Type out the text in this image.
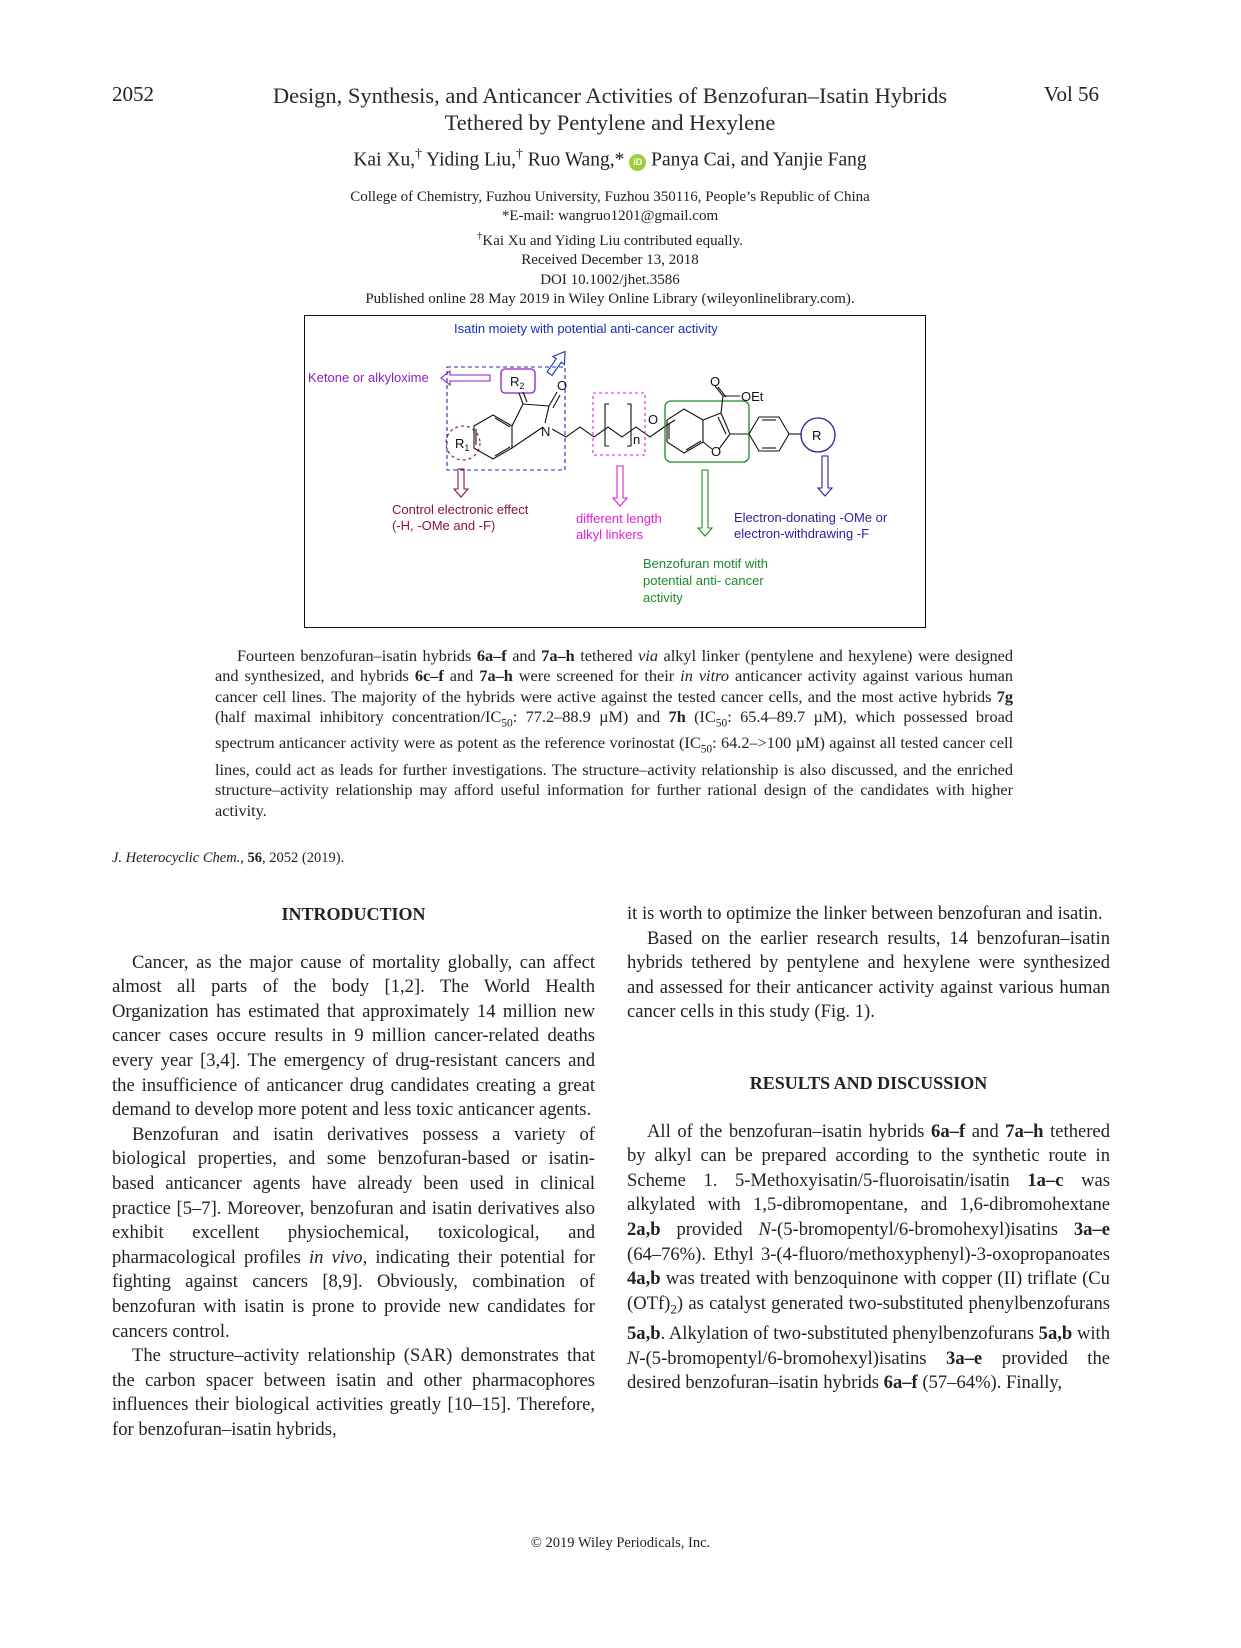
2052	Vol 56
Design, Synthesis, and Anticancer Activities of Benzofuran–Isatin Hybrids
Tethered by Pentylene and Hexylene
Kai Xu,† Yiding Liu,† Ruo Wang,* iD Panya Cai, and Yanjie Fang
College of Chemistry, Fuzhou University, Fuzhou 350116, People’s Republic of China
*E-mail: wangruo1201@gmail.com
†Kai Xu and Yiding Liu contributed equally.
Received December 13, 2018
DOI 10.1002/jhet.3586
Published online 28 May 2019 in Wiley Online Library (wileyonlinelibrary.com).
Isatin moiety with potential anti-cancer activity
Ketone or alkyloxime	$R_2$
$R_1$
O
N
n
O
O
OEt
O
R
Control electronic effect
(-H, -OMe and -F)	different length
alkyl linkers
Electron-donating -OMe or
electron-withdrawing -F
Benzofuran motif with
potential anti- cancer
activity

Fourteen benzofuran–isatin hybrids 6a–f and 7a–h tethered via alkyl linker (pentylene and hexylene) were designed and synthesized, and hybrids 6c–f and 7a–h were screened for their in vitro anticancer activity against various human cancer cell lines. The majority of the hybrids were active against the tested cancer cells, and the most active hybrids 7g (half maximal inhibitory concentration/$IC_{50}$: 77.2–88.9 µM) and 7h ($IC_{50}$: 65.4–89.7 µM), which possessed broad spectrum anticancer activity were as potent as the reference vorinostat ($IC_{50}$: 64.2–>100 µM) against all tested cancer cell lines, could act as leads for further investigations. The structure–activity relationship is also discussed, and the enriched structure–activity relationship may afford useful information for further rational design of the candidates with higher activity.

J. Heterocyclic Chem., 56, 2052 (2019).

INTRODUCTION

Cancer, as the major cause of mortality globally, can affect almost all parts of the body [1,2]. The World Health Organization has estimated that approximately 14 million new cancer cases occure results in 9 million cancer-related deaths every year [3,4]. The emergency of drug-resistant cancers and the insufficience of anticancer drug candidates creating a great demand to develop more potent and less toxic anticancer agents.

Benzofuran and isatin derivatives possess a variety of biological properties, and some benzofuran-based or isatin-based anticancer agents have already been used in clinical practice [5–7]. Moreover, benzofuran and isatin derivatives also exhibit excellent physiochemical, toxicological, and pharmacological profiles in vivo, indicating their potential for fighting against cancers [8,9]. Obviously, combination of benzofuran with isatin is prone to provide new candidates for cancers control.

The structure–activity relationship (SAR) demonstrates that the carbon spacer between isatin and other pharmacophores influences their biological activities greatly [10–15]. Therefore, for benzofuran–isatin hybrids,

it is worth to optimize the linker between benzofuran and isatin.

Based on the earlier research results, 14 benzofuran–isatin hybrids tethered by pentylene and hexylene were synthesized and assessed for their anticancer activity against various human cancer cells in this study (Fig. 1).

RESULTS AND DISCUSSION

All of the benzofuran–isatin hybrids 6a–f and 7a–h tethered by alkyl can be prepared according to the synthetic route in Scheme 1. 5-Methoxyisatin/5-fluoroisatin/isatin 1a–c was alkylated with 1,5-dibromopentane, and 1,6-dibromohextane 2a,b provided N-(5-bromopentyl/6-bromohexyl)isatins 3a–e (64–76%). Ethyl 3-(4-fluoro/methoxyphenyl)-3-oxopropanoates 4a,b was treated with benzoquinone with copper (II) triflate (Cu $(OTf)_2$) as catalyst generated two-substituted phenylbenzofurans 5a,b. Alkylation of two-substituted phenylbenzofurans 5a,b with N-(5-bromopentyl/6-bromohexyl)isatins 3a–e provided the desired benzofuran–isatin hybrids 6a–f (57–64%). Finally,

© 2019 Wiley Periodicals, Inc.
